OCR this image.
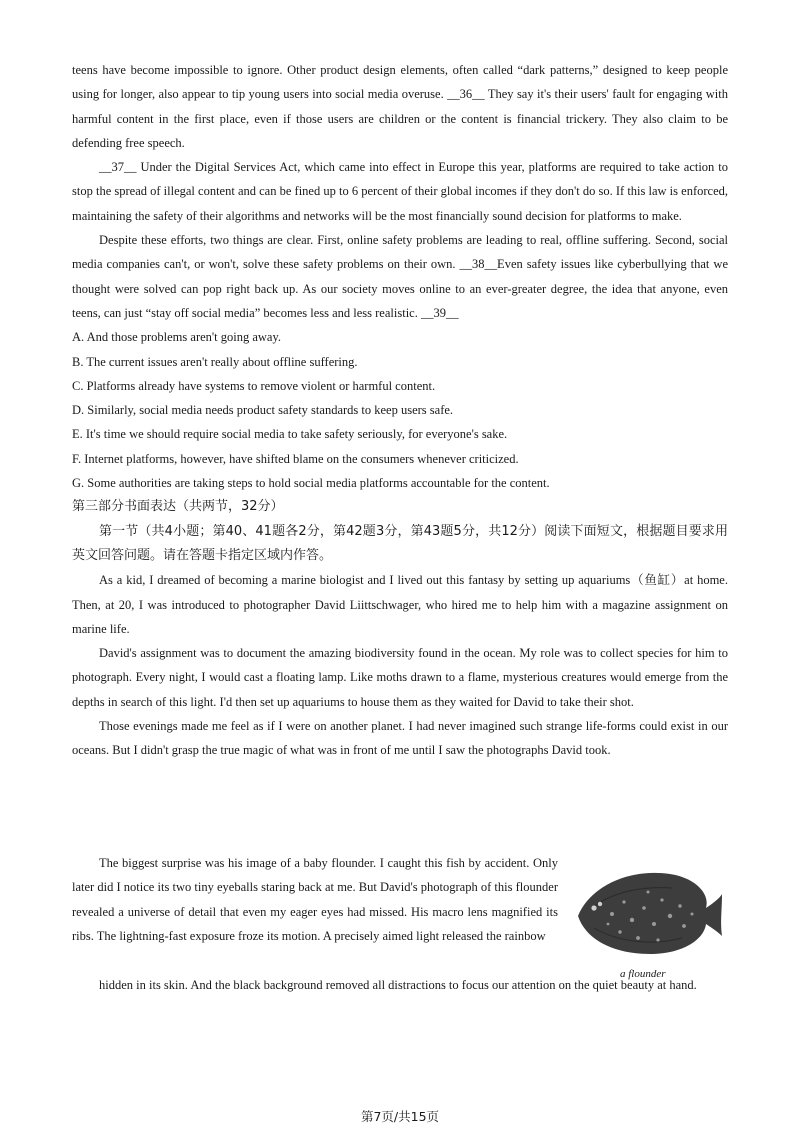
teens have become impossible to ignore. Other product design elements, often called “dark patterns,” designed to keep people using for longer, also appear to tip young users into social media overuse. __36__ They say it's their users' fault for engaging with harmful content in the first place, even if those users are children or the content is financial trickery. They also claim to be defending free speech.

__37__ Under the Digital Services Act, which came into effect in Europe this year, platforms are required to take action to stop the spread of illegal content and can be fined up to 6 percent of their global incomes if they don't do so. If this law is enforced, maintaining the safety of their algorithms and networks will be the most financially sound decision for platforms to make.

Despite these efforts, two things are clear. First, online safety problems are leading to real, offline suffering. Second, social media companies can't, or won't, solve these safety problems on their own. __38__Even safety issues like cyberbullying that we thought were solved can pop right back up. As our society moves online to an ever-greater degree, the idea that anyone, even teens, can just “stay off social media” becomes less and less realistic. __39__

A. And those problems aren't going away.

B. The current issues aren't really about offline suffering.

C. Platforms already have systems to remove violent or harmful content.

D. Similarly, social media needs product safety standards to keep users safe.

E. It's time we should require social media to take safety seriously, for everyone's sake.

F. Internet platforms, however, have shifted blame on the consumers whenever criticized.

G. Some authorities are taking steps to hold social media platforms accountable for the content.

第三部分书面表达（共两节，32分）

第一节（共4小题；第40、41题各2分，第42题3分，第43题5分，共12分）阅读下面短文，根据题目要求用英文回答问题。请在答题卡指定区域内作答。

As a kid, I dreamed of becoming a marine biologist and I lived out this fantasy by setting up aquariums（鱼缸）at home. Then, at 20, I was introduced to photographer David Liittschwager, who hired me to help him with a magazine assignment on marine life.

David's assignment was to document the amazing biodiversity found in the ocean. My role was to collect species for him to photograph. Every night, I would cast a floating lamp. Like moths drawn to a flame, mysterious creatures would emerge from the depths in search of this light. I'd then set up aquariums to house them as they waited for David to take their shot.

Those evenings made me feel as if I were on another planet. I had never imagined such strange life-forms could exist in our oceans. But I didn't grasp the true magic of what was in front of me until I saw the photographs David took.

The biggest surprise was his image of a baby flounder. I caught this fish by accident. Only later did I notice its two tiny eyeballs staring back at me. But David's photograph of this flounder revealed a universe of detail that even my eager eyes had missed. His macro lens magnified its ribs. The lightning-fast exposure froze its motion. A precisely aimed light released the rainbow

hidden in its skin. And the black background removed all distractions to focus our attention on the quiet beauty at hand.

a flounder
第7页/共15页
